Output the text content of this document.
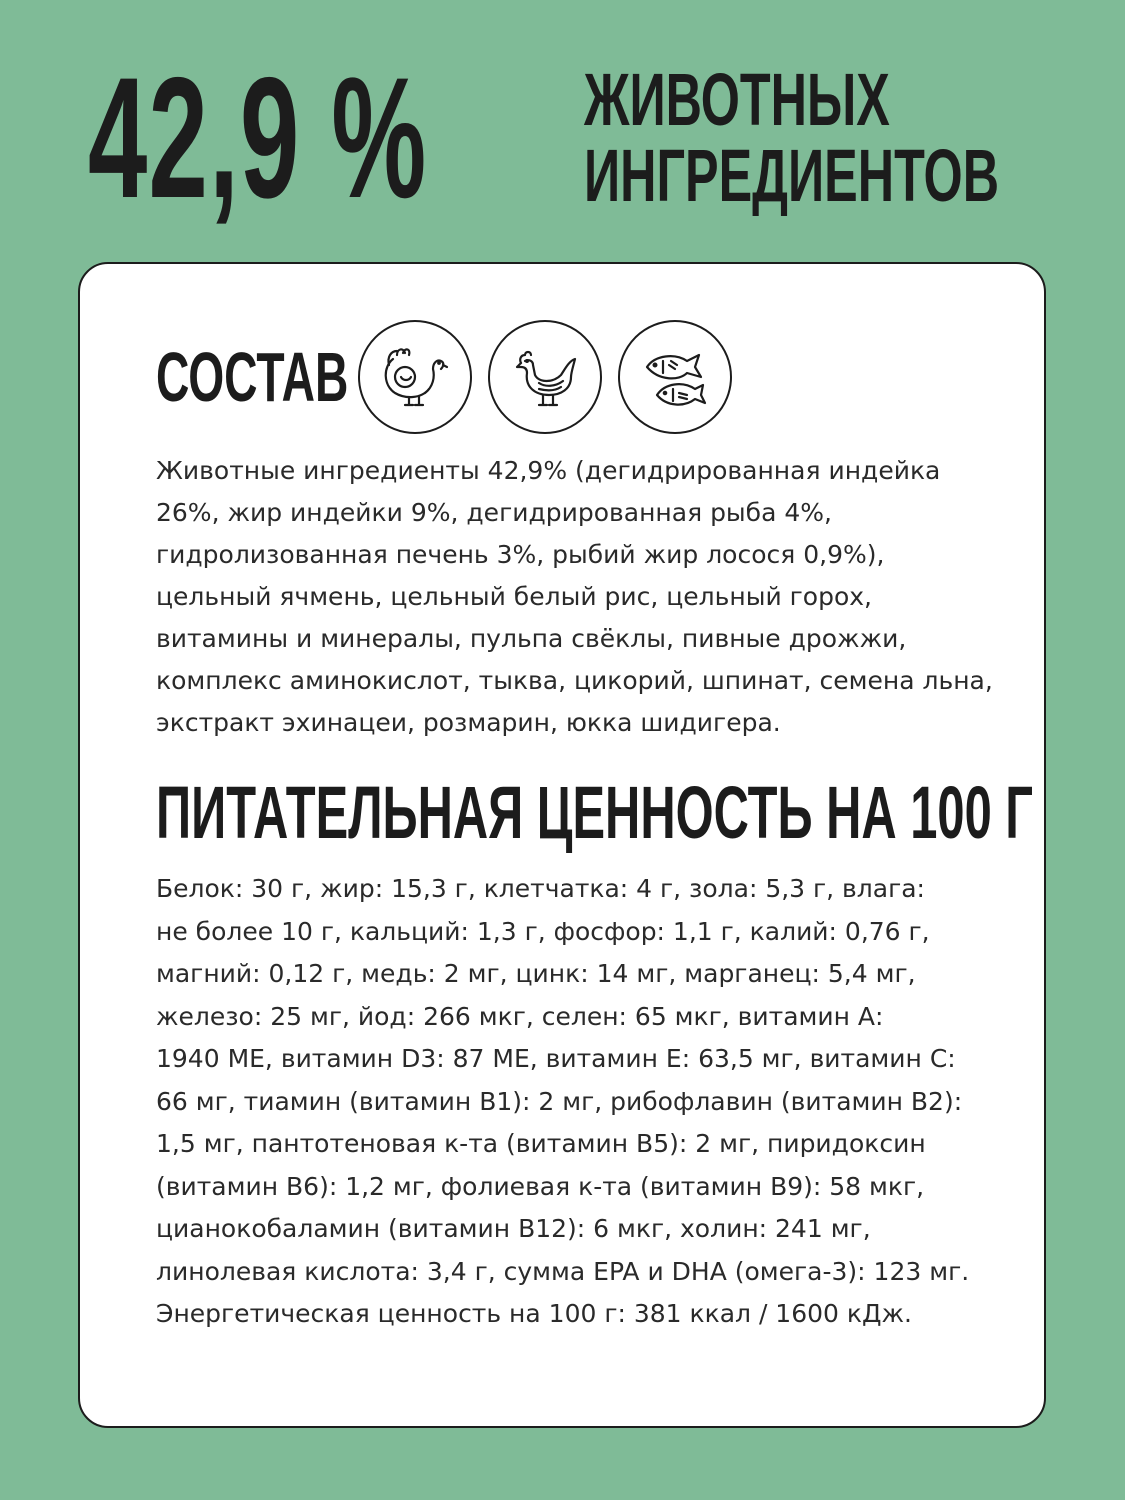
42,9 % ЖИВОТНЫХ
ИНГРЕДИЕНТОВ
СОСТАВ
Животные ингредиенты 42,9% (дегидрированная индейка
26%, жир индейки 9%, дегидрированная рыба 4%,
гидролизованная печень 3%, рыбий жир лосося 0,9%),
цельный ячмень, цельный белый рис, цельный горох,
витамины и минералы, пульпа свёклы, пивные дрожжи,
комплекс аминокислот, тыква, цикорий, шпинат, семена льна,
экстракт эхинацеи, розмарин, юкка шидигера.
ПИТАТЕЛЬНАЯ ЦЕННОСТЬ НА 100 Г
Белок: 30 г, жир: 15,3 г, клетчатка: 4 г, зола: 5,3 г, влага:
не более 10 г, кальций: 1,3 г, фосфор: 1,1 г, калий: 0,76 г,
магний: 0,12 г, медь: 2 мг, цинк: 14 мг, марганец: 5,4 мг,
железо: 25 мг, йод: 266 мкг, селен: 65 мкг, витамин А:
1940 МЕ, витамин D3: 87 МЕ, витамин Е: 63,5 мг, витамин С:
66 мг, тиамин (витамин В1): 2 мг, рибофлавин (витамин В2):
1,5 мг, пантотеновая к-та (витамин В5): 2 мг, пиридоксин
(витамин В6): 1,2 мг, фолиевая к-та (витамин В9): 58 мкг,
цианокобаламин (витамин В12): 6 мкг, холин: 241 мг,
линолевая кислота: 3,4 г, сумма EPA и DHA (омега-3): 123 мг.
Энергетическая ценность на 100 г: 381 ккал / 1600 кДж.
